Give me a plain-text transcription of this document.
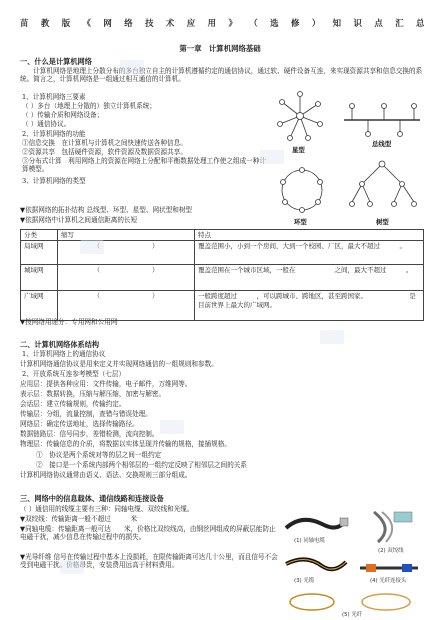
苗 教 版 《 网 络 技 术 应 用 》 （ 选 修 ） 知 识 点 汇 总
第一章　计算机网络基础
一、什么是计算机网络
计算机网络是地理上分散分布的多台独立自主的计算机遵循约定的通信协议，通过软、硬件设备互连，来实现资源共享和信息交换的系统。简言之，计算机网络是一组通过相互通信的计算机。
1、计算机网络三要素
（ ）多台（地理上分散的）独立计算机系统；
（ ）传输介质和网络设备；
（ ）通信协议。
2、计算机网络的功能
①信息交换　在计算机与计算机之间快速传送各种信息。
②资源共享　包括硬件资源，软件资源及数据资源共享。
③分布式计算　利用网络上的资源在网络上分配和平衡数据处理工作使之组成一种计算模型。
3、计算机网络的类型
▼依据网络的拓扑结构 总线型、环型、星型、网状型和树型
▼依据网络中计算机之间通信距离的长短
星型
总线型
环型	树型
分类	缩写	特点
局域网	（　　　　　　　　）	覆盖范围小，小到一个房间，大到一个校园、厂区，最大不超过　　　。
城域网	（　　　　　　　　）	覆盖范围在一个城市区域，一般在　　　　　　之间，最大不超过　　　。
广域网	（　　　　　　　　）	一般跨度超过　　　，可以跨城市、跨地区，甚至跨国家。　　　　　　　是目前世界上最大的广域网。
▼按网络用途分：专用网和公用网
二、计算机网络体系结构
1、计算机网络上的通信协议
计算机网络通信协议是用来定义并实现网络通信的一组规则和参数。
2、开放系统互连参考模型（七层）
应用层：提供各种应用：文件传输，电子邮件，万维网等。
表示层：数据转换，压缩与解压缩，加密与解密。
会话层：建立传输规则，传输约定。
传输层：分组，流量控制，查错与错误处理。
网络层：确定传送地址，选择传输路径。
数据链路层：信号同步，差错检测，流向控制。
物理层：传输信息的介质，将数据以实体呈现并传输的规格，接插规格。
①　协议是两个系统对等的层之间一组约定
②　接口是一个系统内部两个相邻层的一组约定反映了相邻层之间的关系
计算机网络协议通常由语义、语法、交换规则三部分组成。
三、网络中的信息载体、通信线路和连接设备
（ ）通信用的线缆主要有三种：同轴电缆、双绞线和光缆。
▼双绞线：传输距离一般不超过　　　米
▼同轴电缆：传输距离一般可达　　米，价格比双绞线高，由钢丝网组成的屏蔽层能防止电磁干扰，减少信息在传输过程中的损失。
▼光导纤维 信号在传输过程中基本上没损耗，在限传输距离可达几十公里，而且信号不会受到电磁干扰。价格昂贵，安装费用远高于材料费用。
(1) 同轴电缆
(2) 双绞线
(3) 光缆	(4) 光纤连接头
(5) 光纤
